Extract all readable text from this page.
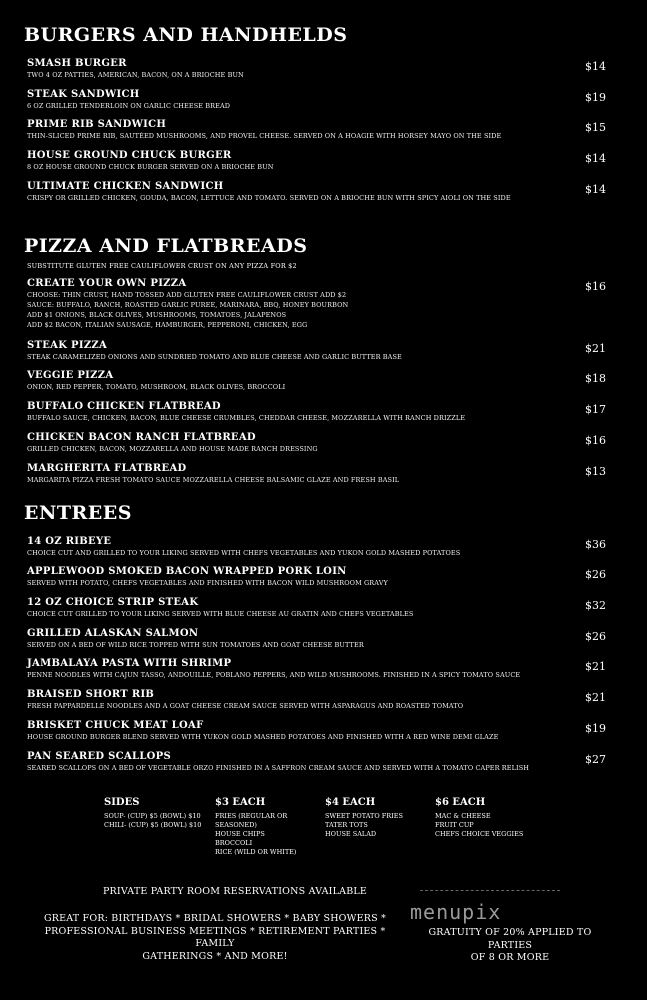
BURGERS AND HANDHELDS
SMASH BURGER
TWO 4 OZ PATTIES, AMERICAN, BACON, ON A BRIOCHE BUN
$14
STEAK SANDWICH
6 OZ GRILLED TENDERLOIN ON GARLIC CHEESE BREAD
$19
PRIME RIB SANDWICH
THIN-SLICED PRIME RIB, SAUTÉED MUSHROOMS, AND PROVEL CHEESE. SERVED ON A HOAGIE WITH HORSEY MAYO ON THE SIDE
$15
HOUSE GROUND CHUCK BURGER
8 OZ HOUSE GROUND CHUCK BURGER SERVED ON A BRIOCHE BUN
$14
ULTIMATE CHICKEN SANDWICH
CRISPY OR GRILLED CHICKEN, GOUDA, BACON, LETTUCE AND TOMATO. SERVED ON A BRIOCHE BUN WITH SPICY AIOLI ON THE SIDE
$14
PIZZA AND FLATBREADS
SUBSTITUTE GLUTEN FREE CAULIFLOWER CRUST ON ANY PIZZA FOR $2
CREATE YOUR OWN PIZZA
CHOOSE: THIN CRUST, HAND TOSSED ADD GLUTEN FREE CAULIFLOWER CRUST ADD $2
SAUCE: BUFFALO, RANCH, ROASTED GARLIC PUREE, MARINARA, BBQ, HONEY BOURBON
ADD $1 ONIONS, BLACK OLIVES, MUSHROOMS, TOMATOES, JALAPENOS
ADD $2 BACON, ITALIAN SAUSAGE, HAMBURGER, PEPPERONI, CHICKEN, EGG
$16
STEAK PIZZA
STEAK CARAMELIZED ONIONS AND SUNDRIED TOMATO AND BLUE CHEESE AND GARLIC BUTTER BASE
$21
VEGGIE PIZZA
ONION, RED PEPPER, TOMATO, MUSHROOM, BLACK OLIVES, BROCCOLI
$18
BUFFALO CHICKEN FLATBREAD
BUFFALO SAUCE, CHICKEN, BACON, BLUE CHEESE CRUMBLES, CHEDDAR CHEESE, MOZZARELLA WITH RANCH DRIZZLE
$17
CHICKEN BACON RANCH FLATBREAD
GRILLED CHICKEN, BACON, MOZZARELLA AND HOUSE MADE RANCH DRESSING
$16
MARGHERITA FLATBREAD
MARGARITA PIZZA FRESH TOMATO SAUCE MOZZARELLA CHEESE BALSAMIC GLAZE AND FRESH BASIL
$13
ENTREES
14 OZ RIBEYE
CHOICE CUT AND GRILLED TO YOUR LIKING SERVED WITH CHEFS VEGETABLES AND YUKON GOLD MASHED POTATOES
$36
APPLEWOOD SMOKED BACON WRAPPED PORK LOIN
SERVED WITH POTATO, CHEFS VEGETABLES AND FINISHED WITH BACON WILD MUSHROOM GRAVY
$26
12 OZ CHOICE STRIP STEAK
CHOICE CUT GRILLED TO YOUR LIKING SERVED WITH BLUE CHEESE AU GRATIN AND CHEFS VEGETABLES
$32
GRILLED ALASKAN SALMON
SERVED ON A BED OF WILD RICE TOPPED WITH SUN TOMATOES AND GOAT CHEESE BUTTER
$26
JAMBALAYA PASTA WITH SHRIMP
PENNE NOODLES WITH CAJUN TASSO, ANDOUILLE, POBLANO PEPPERS, AND WILD MUSHROOMS. FINISHED IN A SPICY TOMATO SAUCE
$21
BRAISED SHORT RIB
FRESH PAPPARDELLE NOODLES AND A GOAT CHEESE CREAM SAUCE SERVED WITH ASPARAGUS AND ROASTED TOMATO
$21
BRISKET CHUCK MEAT LOAF
HOUSE GROUND BURGER BLEND SERVED WITH YUKON GOLD MASHED POTATOES AND FINISHED WITH A RED WINE DEMI GLAZE
$19
PAN SEARED SCALLOPS
SEARED SCALLOPS ON A BED OF VEGETABLE ORZO FINISHED IN A SAFFRON CREAM SAUCE AND SERVED WITH A TOMATO CAPER RELISH
$27
SIDES
SOUP- (CUP) $5 (BOWL) $10
CHILI- (CUP) $5 (BOWL) $10
$3 EACH
FRIES (REGULAR OR
SEASONED)
HOUSE CHIPS
BROCCOLI
RICE (WILD OR WHITE)
$4 EACH
SWEET POTATO FRIES
TATER TOTS
HOUSE SALAD
$6 EACH
MAC & CHEESE
FRUIT CUP
CHEFS CHOICE VEGGIES
PRIVATE PARTY ROOM RESERVATIONS AVAILABLE
GREAT FOR: BIRTHDAYS * BRIDAL SHOWERS * BABY SHOWERS *
PROFESSIONAL BUSINESS MEETINGS * RETIREMENT PARTIES * FAMILY
GATHERINGS * AND MORE!
menupix
GRATUITY OF 20% APPLIED TO PARTIES
OF 8 OR MORE
